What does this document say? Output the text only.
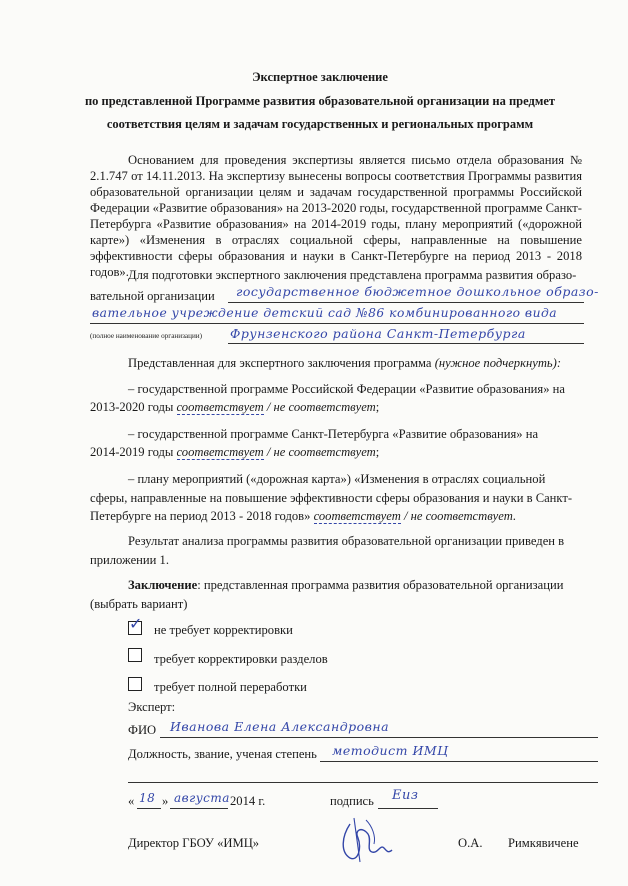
Экспертное заключение
по представленной Программе развития образовательной организации на предмет
соответствия целям и задачам государственных и региональных программ
Основанием для проведения экспертизы является письмо отдела образования № 2.1.747 от 14.11.2013. На экспертизу вынесены вопросы соответствия Программы развития образовательной организации целям и задачам государственной программы Российской Федерации «Развитие образования» на 2013-2020 годы, государственной программе Санкт-Петербурга «Развитие образования» на 2014-2019 годы, плану мероприятий («дорожной карте») «Изменения в отраслях социальной сферы, направленные на повышение эффективности сферы образования и науки в Санкт-Петербурге на период 2013 - 2018 годов». Для подготовки экспертного заключения представлена программа развития образо-
вательной организации государственное бюджетное дошкольное образо-
вательное учреждение детский сад №86 комбинированного вида
(полное наименование организации) Фрунзенского района Санкт-Петербурга
Представленная для экспертного заключения программа (нужное подчеркнуть):
– государственной программе Российской Федерации «Развитие образования» на
2013-2020 годы соответствует / не соответствует;
– государственной программе Санкт-Петербурга «Развитие образования» на
2014-2019 годы соответствует / не соответствует;
– плану мероприятий («дорожная карта») «Изменения в отраслях социальной
сферы, направленные на повышение эффективности сферы образования и науки в Санкт-
Петербурге на период 2013 - 2018 годов» соответствует / не соответствует.
Результат анализа программы развития образовательной организации приведен в
приложении 1.
Заключение: представленная программа развития образовательной организации
(выбрать вариант)
✓ не требует корректировки
требует корректировки разделов
требует полной переработки
Эксперт:
ФИО Иванова Елена Александровна
Должность, звание, ученая степень методист ИМЦ
« 18 » августа 2014 г.	подпись Еиз
Директор ГБОУ «ИМЦ»	О.А. Римкявичене
